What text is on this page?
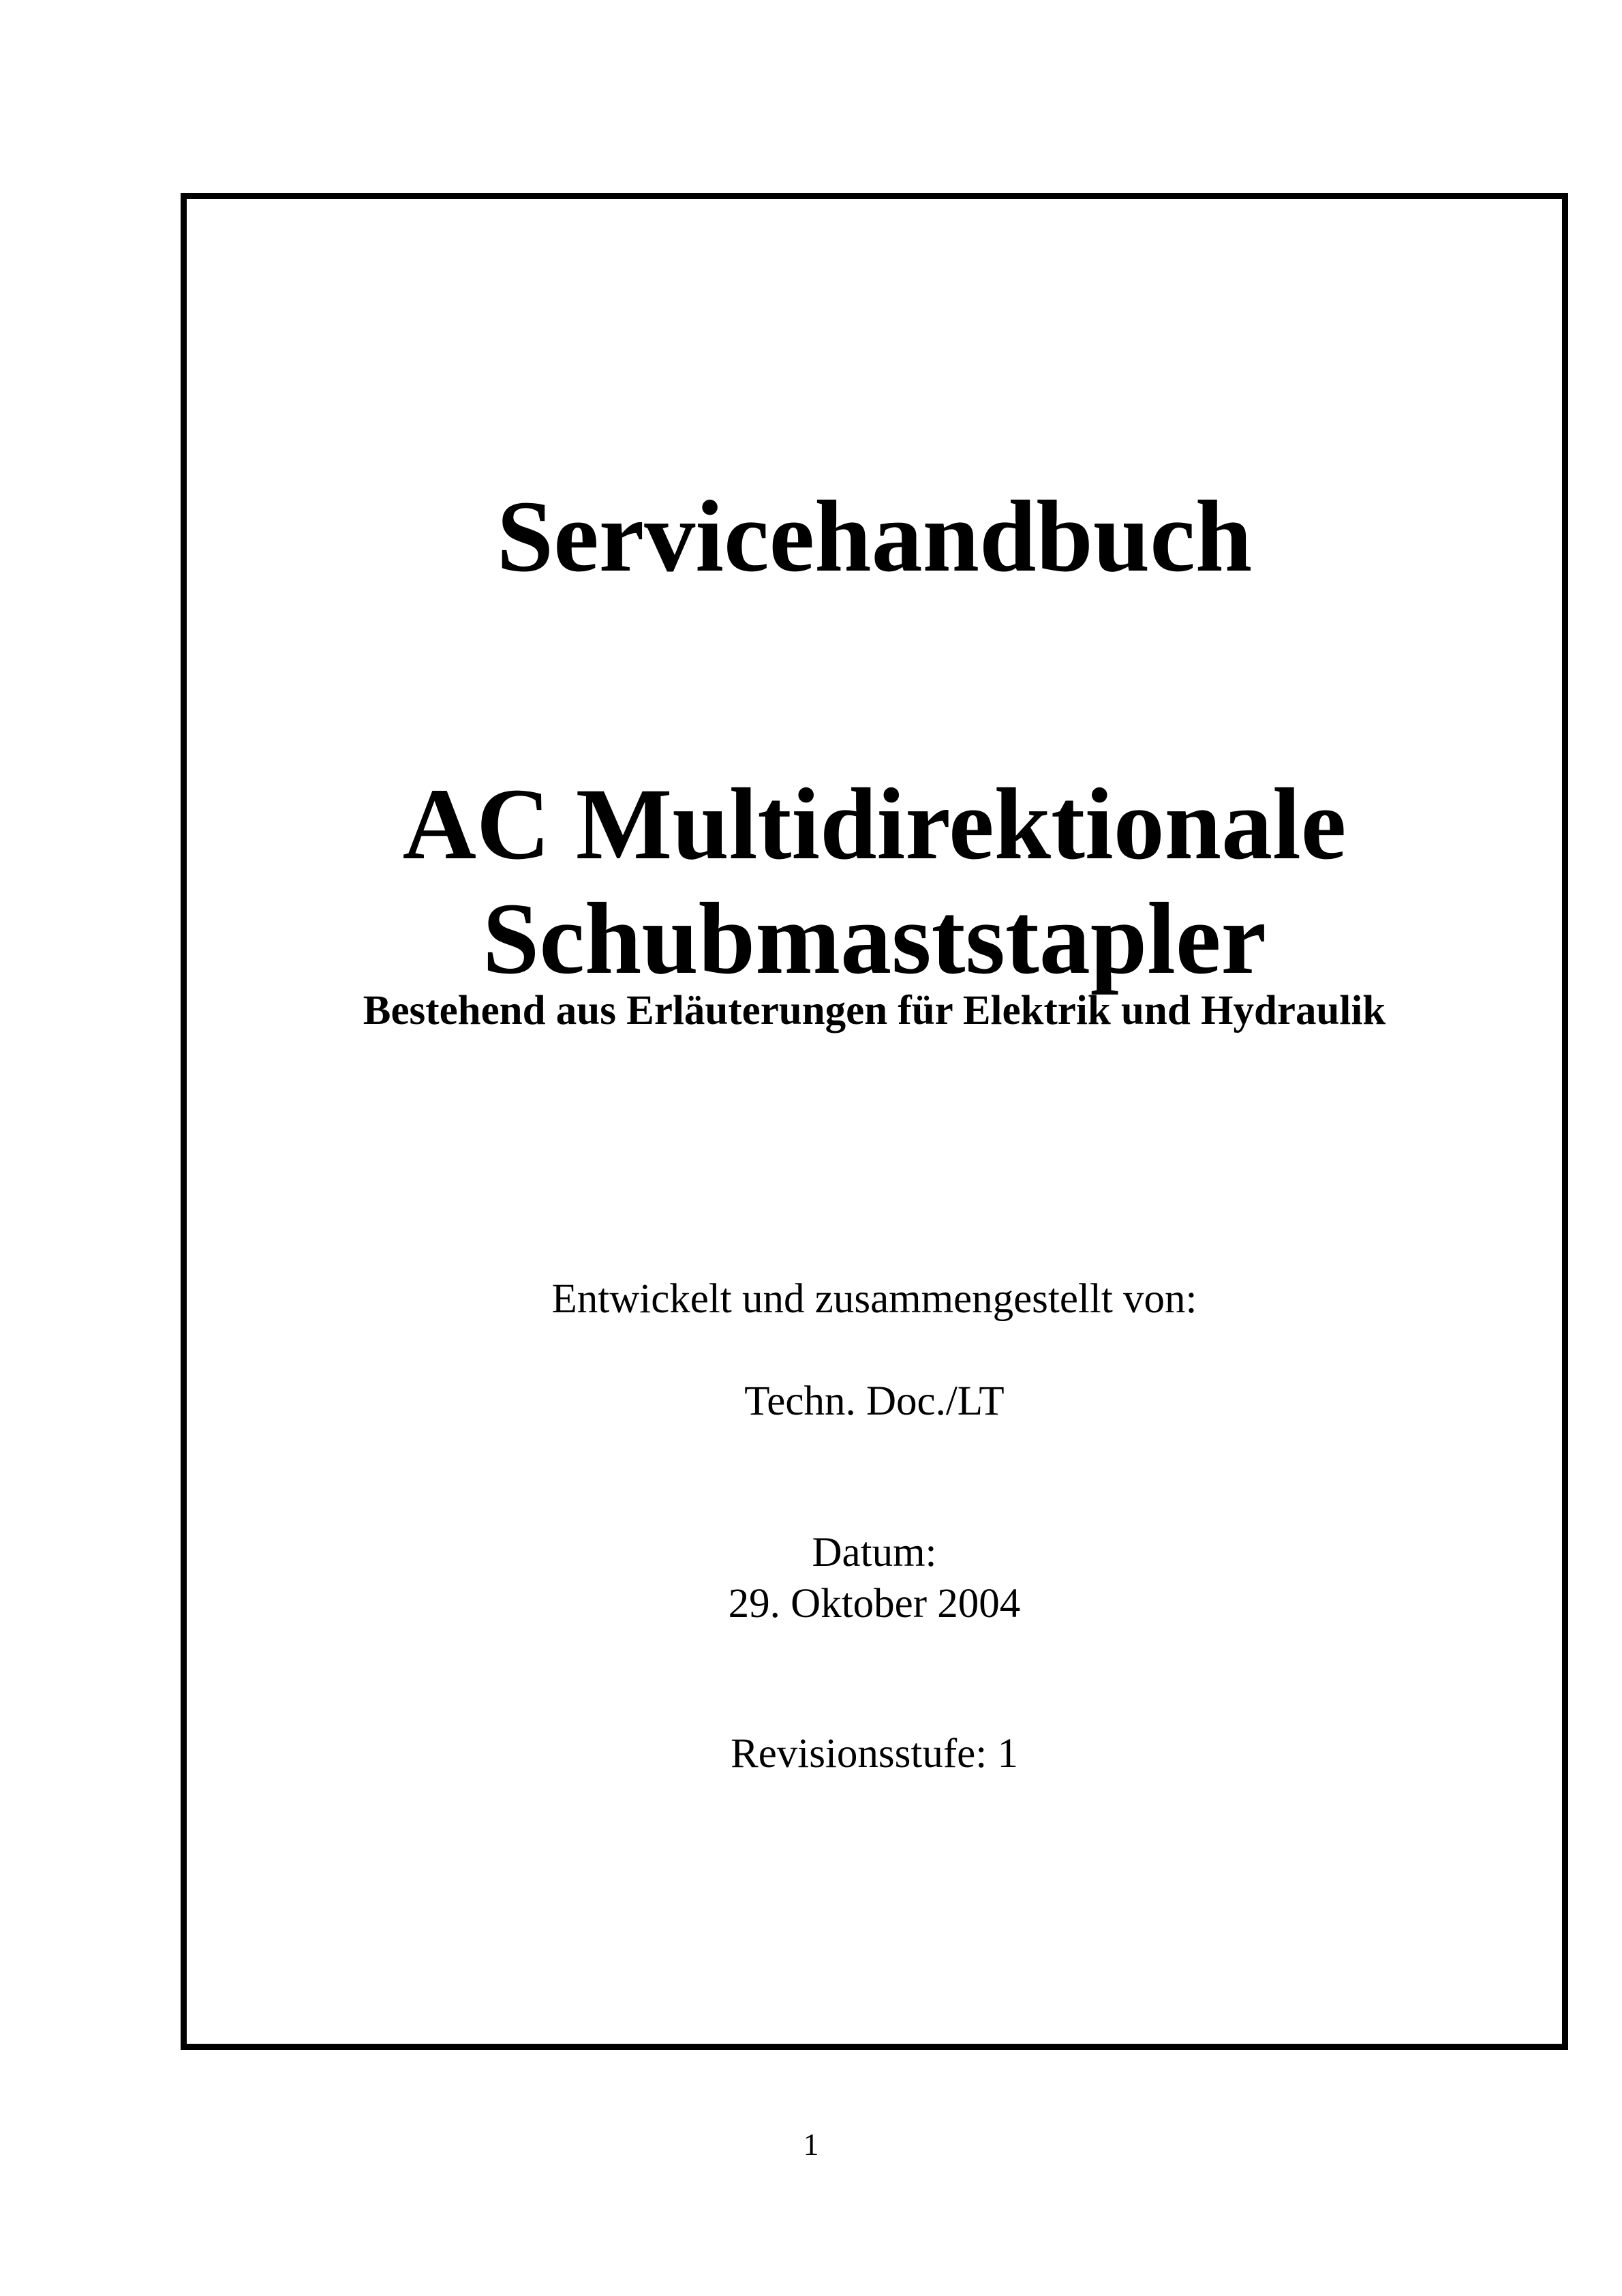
Servicehandbuch
AC Multidirektionale
Schubmaststapler

Bestehend aus Erläuterungen für Elektrik und Hydraulik

Entwickelt und zusammengestellt von:

Techn. Doc./LT

Datum:

29. Oktober 2004

Revisionsstufe: 1

1
